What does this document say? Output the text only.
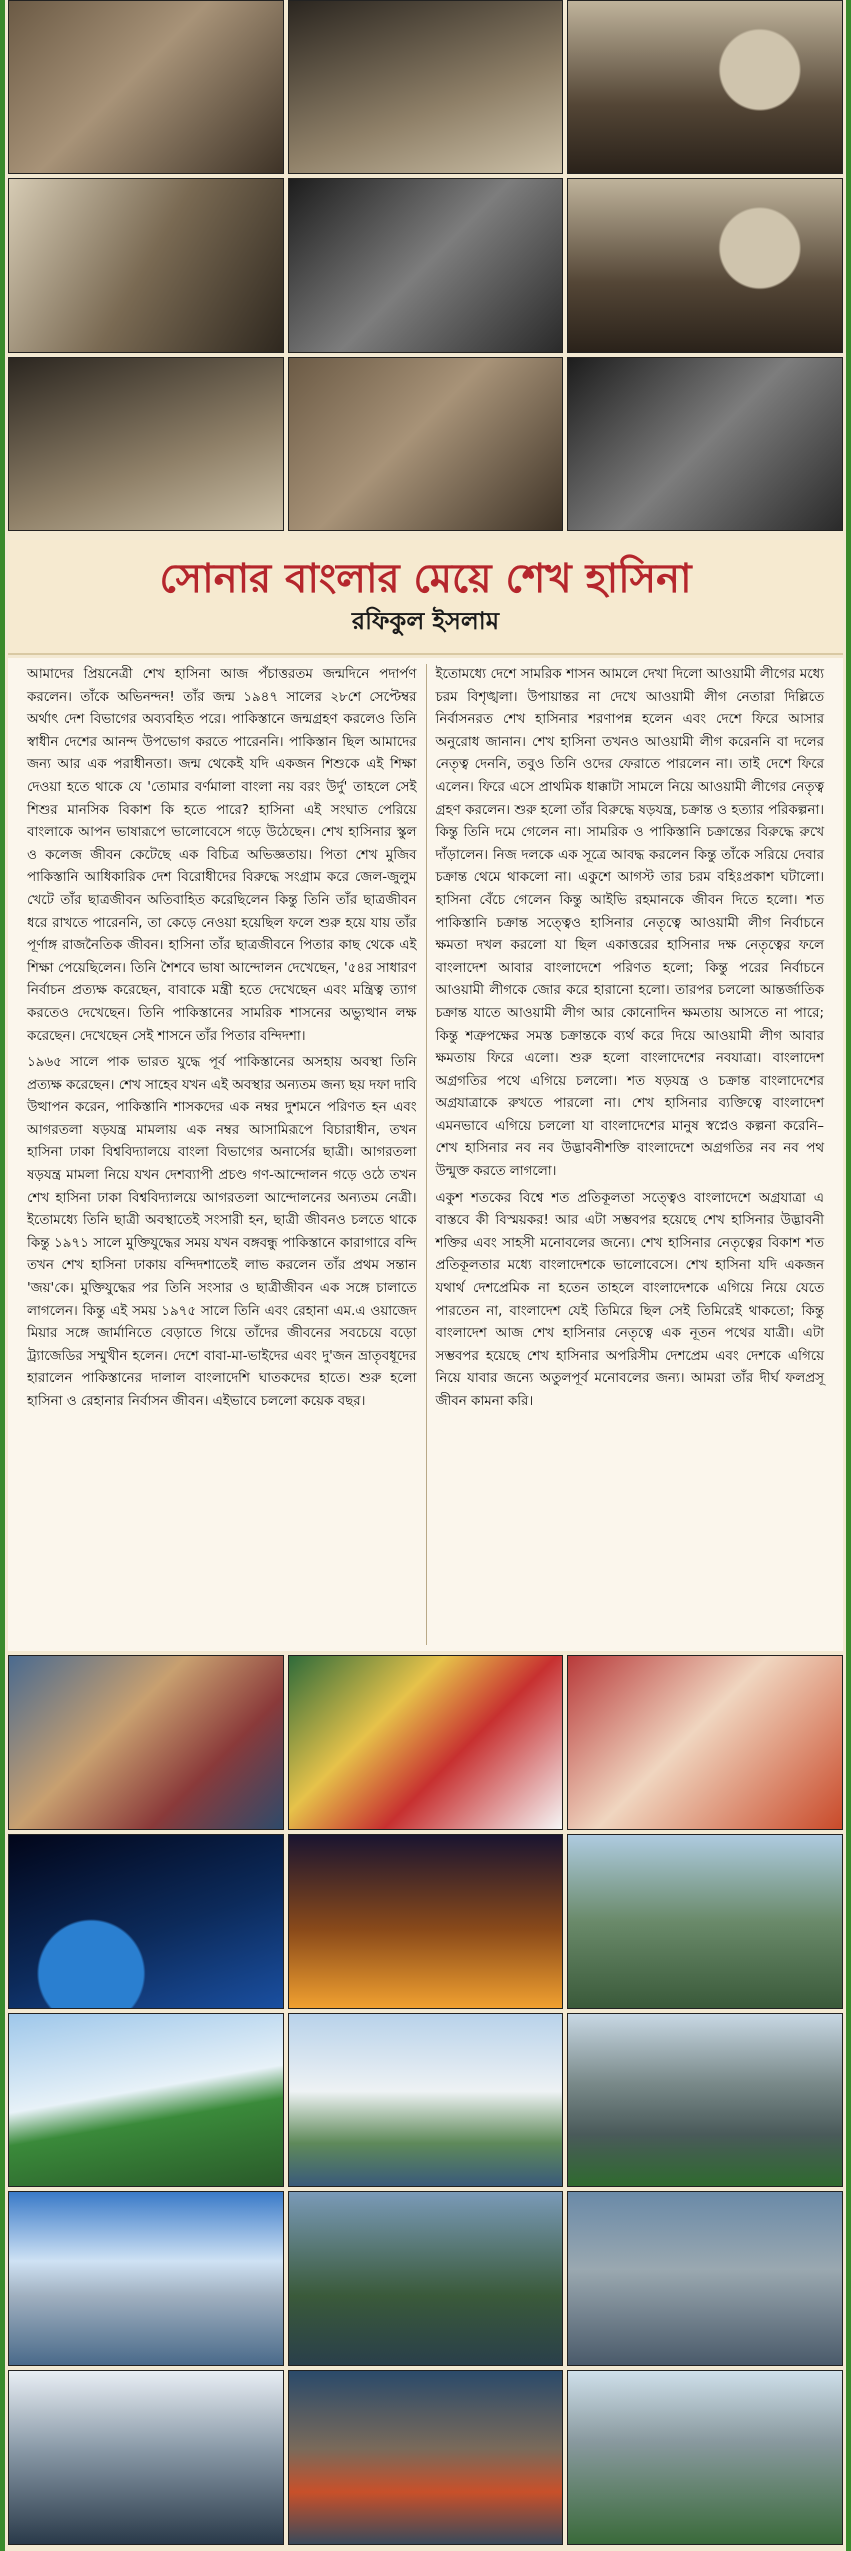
সোনার বাংলার মেয়ে শেখ হাসিনা
রফিকুল ইসলাম

আমাদের প্রিয়নেত্রী শেখ হাসিনা আজ পঁচাত্তরতম জন্মদিনে পদার্পণ করলেন। তাঁকে অভিনন্দন! তাঁর জন্ম ১৯৪৭ সালের ২৮শে সেপ্টেম্বর অর্থাৎ দেশ বিভাগের অব্যবহিত পরে। পাকিস্তানে জন্মগ্রহণ করলেও তিনি স্বাধীন দেশের আনন্দ উপভোগ করতে পারেননি। পাকিস্তান ছিল আমাদের জন্য আর এক পরাধীনতা। জন্ম থেকেই যদি একজন শিশুকে এই শিক্ষা দেওয়া হতে থাকে যে 'তোমার বর্ণমালা বাংলা নয় বরং উর্দু' তাহলে সেই শিশুর মানসিক বিকাশ কি হতে পারে? হাসিনা এই সংঘাত পেরিয়ে বাংলাকে আপন ভাষারূপে ভালোবেসে গড়ে উঠেছেন। শেখ হাসিনার স্কুল ও কলেজ জীবন কেটেছে এক বিচিত্র অভিজ্ঞতায়। পিতা শেখ মুজিব পাকিস্তানি আধিকারিক দেশ বিরোধীদের বিরুদ্ধে সংগ্রাম করে জেল-জুলুম খেটে তাঁর ছাত্রজীবন অতিবাহিত করেছিলেন কিন্তু তিনি তাঁর ছাত্রজীবন ধরে রাখতে পারেননি, তা কেড়ে নেওয়া হয়েছিল ফলে শুরু হয়ে যায় তাঁর পূর্ণাঙ্গ রাজনৈতিক জীবন। হাসিনা তাঁর ছাত্রজীবনে পিতার কাছ থেকে এই শিক্ষা পেয়েছিলেন। তিনি শৈশবে ভাষা আন্দোলন দেখেছেন, '৫৪র সাধারণ নির্বাচন প্রত্যক্ষ করেছেন, বাবাকে মন্ত্রী হতে দেখেছেন এবং মন্ত্রিত্ব ত্যাগ করতেও দেখেছেন। তিনি পাকিস্তানের সামরিক শাসনের অভ্যুত্থান লক্ষ করেছেন। দেখেছেন সেই শাসনে তাঁর পিতার বন্দিদশা।

১৯৬৫ সালে পাক ভারত যুদ্ধে পূর্ব পাকিস্তানের অসহায় অবস্থা তিনি প্রত্যক্ষ করেছেন। শেখ সাহেব যখন এই অবস্থার অন্যতম জন্য ছয় দফা দাবি উত্থাপন করেন, পাকিস্তানি শাসকদের এক নম্বর দুশমনে পরিণত হন এবং আগরতলা ষড়যন্ত্র মামলায় এক নম্বর আসামিরূপে বিচারাধীন, তখন হাসিনা ঢাকা বিশ্ববিদ্যালয়ে বাংলা বিভাগের অনার্সের ছাত্রী। আগরতলা ষড়যন্ত্র মামলা নিয়ে যখন দেশব্যাপী প্রচণ্ড গণ-আন্দোলন গড়ে ওঠে তখন শেখ হাসিনা ঢাকা বিশ্ববিদ্যালয়ে আগরতলা আন্দোলনের অন্যতম নেত্রী। ইতোমধ্যে তিনি ছাত্রী অবস্থাতেই সংসারী হন, ছাত্রী জীবনও চলতে থাকে কিন্তু ১৯৭১ সালে মুক্তিযুদ্ধের সময় যখন বঙ্গবন্ধু পাকিস্তানে কারাগারে বন্দি তখন শেখ হাসিনা ঢাকায় বন্দিদশাতেই লাভ করলেন তাঁর প্রথম সন্তান 'জয়'কে। মুক্তিযুদ্ধের পর তিনি সংসার ও ছাত্রীজীবন এক সঙ্গে চালাতে লাগলেন। কিন্তু এই সময় ১৯৭৫ সালে তিনি এবং রেহানা এম.এ ওয়াজেদ মিয়ার সঙ্গে জার্মানিতে বেড়াতে গিয়ে তাঁদের জীবনের সবচেয়ে বড়ো ট্র্যাজেডির সম্মুখীন হলেন। দেশে বাবা-মা-ভাইদের এবং দু'জন ভ্রাতৃবধূদের হারালেন পাকিস্তানের দালাল বাংলাদেশি ঘাতকদের হাতে। শুরু হলো হাসিনা ও রেহানার নির্বাসন জীবন। এইভাবে চললো কয়েক বছর।

ইতোমধ্যে দেশে সামরিক শাসন আমলে দেখা দিলো আওয়ামী লীগের মধ্যে চরম বিশৃঙ্খলা। উপায়ান্তর না দেখে আওয়ামী লীগ নেতারা দিল্লিতে নির্বাসনরত শেখ হাসিনার শরণাপন্ন হলেন এবং দেশে ফিরে আসার অনুরোধ জানান। শেখ হাসিনা তখনও আওয়ামী লীগ করেননি বা দলের নেতৃত্ব দেননি, তবুও তিনি ওদের ফেরাতে পারলেন না। তাই দেশে ফিরে এলেন। ফিরে এসে প্রাথমিক ধাক্কাটা সামলে নিয়ে আওয়ামী লীগের নেতৃত্ব গ্রহণ করলেন। শুরু হলো তাঁর বিরুদ্ধে ষড়যন্ত্র, চক্রান্ত ও হত্যার পরিকল্পনা। কিন্তু তিনি দমে গেলেন না। সামরিক ও পাকিস্তানি চক্রান্তের বিরুদ্ধে রুখে দাঁড়ালেন। নিজ দলকে এক সূত্রে আবদ্ধ করলেন কিন্তু তাঁকে সরিয়ে দেবার চক্রান্ত থেমে থাকলো না। একুশে আগস্ট তার চরম বহিঃপ্রকাশ ঘটালো। হাসিনা বেঁচে গেলেন কিন্তু আইভি রহমানকে জীবন দিতে হলো। শত পাকিস্তানি চক্রান্ত সত্ত্বেও হাসিনার নেতৃত্বে আওয়ামী লীগ নির্বাচনে ক্ষমতা দখল করলো যা ছিল একাত্তরের হাসিনার দক্ষ নেতৃত্বের ফলে বাংলাদেশ আবার বাংলাদেশে পরিণত হলো; কিন্তু পরের নির্বাচনে আওয়ামী লীগকে জোর করে হারানো হলো। তারপর চললো আন্তর্জাতিক চক্রান্ত যাতে আওয়ামী লীগ আর কোনোদিন ক্ষমতায় আসতে না পারে; কিন্তু শত্রুপক্ষের সমস্ত চক্রান্তকে ব্যর্থ করে দিয়ে আওয়ামী লীগ আবার ক্ষমতায় ফিরে এলো। শুরু হলো বাংলাদেশের নবযাত্রা। বাংলাদেশ অগ্রগতির পথে এগিয়ে চললো। শত ষড়যন্ত্র ও চক্রান্ত বাংলাদেশের অগ্রযাত্রাকে রুখতে পারলো না। শেখ হাসিনার ব্যক্তিত্বে বাংলাদেশ এমনভাবে এগিয়ে চললো যা বাংলাদেশের মানুষ স্বপ্নেও কল্পনা করেনি– শেখ হাসিনার নব নব উদ্ভাবনীশক্তি বাংলাদেশে অগ্রগতির নব নব পথ উন্মুক্ত করতে লাগলো।

একুশ শতকের বিশ্বে শত প্রতিকূলতা সত্ত্বেও বাংলাদেশে অগ্রযাত্রা এ বাস্তবে কী বিস্ময়কর! আর এটা সম্ভবপর হয়েছে শেখ হাসিনার উদ্ভাবনী শক্তির এবং সাহসী মনোবলের জন্যে। শেখ হাসিনার নেতৃত্বের বিকাশ শত প্রতিকূলতার মধ্যে বাংলাদেশকে ভালোবেসে। শেখ হাসিনা যদি একজন যথার্থ দেশপ্রেমিক না হতেন তাহলে বাংলাদেশকে এগিয়ে নিয়ে যেতে পারতেন না, বাংলাদেশ যেই তিমিরে ছিল সেই তিমিরেই থাকতো; কিন্তু বাংলাদেশ আজ শেখ হাসিনার নেতৃত্বে এক নূতন পথের যাত্রী। এটা সম্ভবপর হয়েছে শেখ হাসিনার অপরিসীম দেশপ্রেম এবং দেশকে এগিয়ে নিয়ে যাবার জন্যে অতুলপূর্ব মনোবলের জন্য। আমরা তাঁর দীর্ঘ ফলপ্রসূ জীবন কামনা করি।
